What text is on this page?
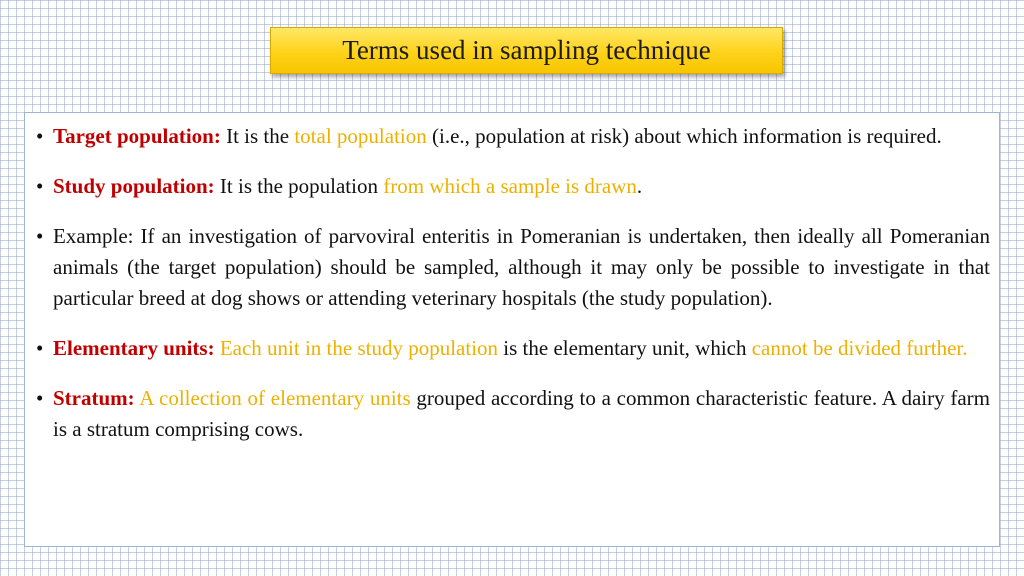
Terms used in sampling technique
• Target population: It is the total population (i.e., population at risk) about which information is required.
• Study population: It is the population from which a sample is drawn.
• Example: If an investigation of parvoviral enteritis in Pomeranian is undertaken, then ideally all Pomeranian animals (the target population) should be sampled, although it may only be possible to investigate in that particular breed at dog shows or attending veterinary hospitals (the study population).
• Elementary units: Each unit in the study population is the elementary unit, which cannot be divided further.
• Stratum: A collection of elementary units grouped according to a common characteristic feature. A dairy farm is a stratum comprising cows.
